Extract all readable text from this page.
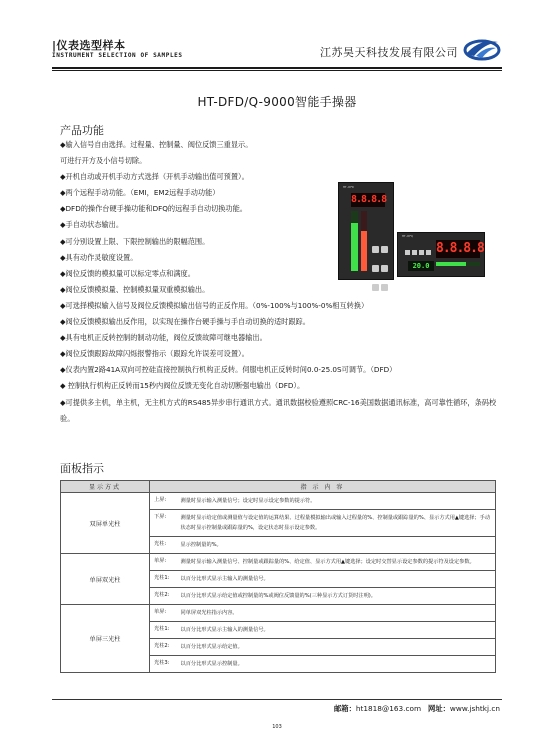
|仪表选型样本
INSTRUMENT SELECTION OF SAMPLES	江苏昊天科技发展有限公司
HT-DFD/Q-9000智能手操器
产品功能
◆输入信号自由选择。过程量、控制量、阀位反馈三重显示。
可进行开方及小信号切除。
◆开机自动或开机手动方式选择（开机手动输出值可预置）。
◆两个远程手动功能。（EMI，EM2远程手动功能）
◆DFD的操作台硬手操功能和DFQ的远程手自动切换功能。
◆手自动状态输出。
◆可分别设置上限、下限控制输出的限幅范围。
◆具有动作灵敏度设置。
◆阀位反馈的模拟量可以标定零点和满度。
◆阀位反馈模拟量、控制模拟量双重模拟输出。
◆可选择模拟输入信号及阀位反馈模拟输出信号的正反作用。（0%-100%与100%-0%相互转换）
◆阀位反馈模拟输出反作用，以实现在操作台硬手操与手自动切换的适时跟踪。
◆具有电机正反转控制的制动功能，阀位反馈故障可继电器输出。
◆阀位反馈跟踪故障闪烁报警指示（跟踪允许误差可设置）。
◆仪表内置2路41A双向可控硅直接控制执行机构正反转。伺服电机正反转时间0.0-25.0S可调节。（DFD）
◆ 控制执行机构正反转而15秒内阀位反馈无变化自动切断强电输出（DFD）。
◆可提供多主机，单主机，无主机方式的RS485异步串行通讯方式。通讯数据校验遵照CRC-16美国数据通讯标准，高可靠性循环，条码校验。
HT-DFD
8.8.8.8
HT-DFQ
8.8.8.8
20.0
面板指示
显示方式	指 示 内 容	
双屏单光柱	上屏:	测量时显示输入测量信号；设定时显示设定参数的提示符。
	下屏:	测量时显示给定值或测量值与设定值的运算结果、过程量模拟输出或输入过程量的%、控制量或跟踪量的%、显示方式用▲键选择；手动状态时显示控制量或跟踪量的%，设定状态时显示设定参数。
	光柱:	显示控制量的%。
单屏双光柱	单屏:	测量时显示输入测量信号、控制量或跟踪量的%、给定值、显示方式用▲键选择；设定时交替显示设定参数的提示符及设定参数。
	光柱1:	以百分比形式显示主输入的测量信号。
	光柱2:	以百分比形式显示给定值或控制量的%或阀位反馈量的%(三种显示方式订货时注明)。
单屏三光柱	单屏:	同单屏双光柱指示内容。
	光柱1:	以百分比形式显示主输入的测量信号。
	光柱2:	以百分比形式显示给定值。
	光柱3:	以百分比形式显示控制量。
邮箱：ht1818@163.com 网址：www.jshtkj.cn
103
